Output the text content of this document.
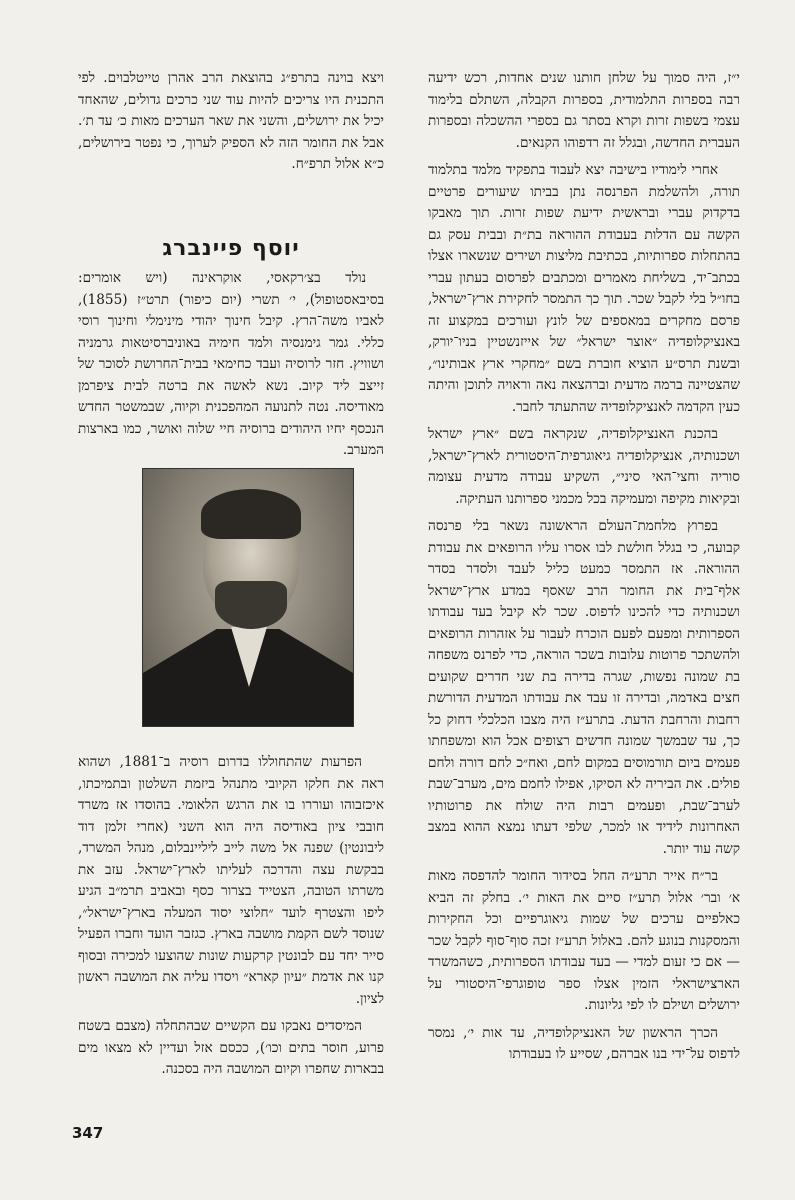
י״ז, היה סמוך על שלחן חותנו שנים אחדות, רכש ידיעה רבה בספרות התלמודית, בספרות הקבלה, השתלם בלימוד עצמי בשפות זרות וקרא בסתר גם בספרי ההשכלה ובספרות העברית החדשה, ובגלל זה רדפוהו הקנאים.

אחרי לימודיו בישיבה יצא לעבוד בתפקיד מלמד בתלמוד תורה, ולהשלמת הפרנסה נתן בביתו שיעורים פרטיים בדקדוק עברי ובראשית ידיעת שפות זרות. תוך מאבקו הקשה עם הדלות בעבודת ההוראה בת״ת ובבית עסק גם בהתחלות ספרותיות, בכתיבת מליצות ושירים שנשארו אצלו בכתב־יד, בשליחת מאמרים ומכתבים לפרסום בעתון עברי בחו״ל בלי לקבל שכר. תוך כך התמסר לחקירת ארץ־ישראל, פרסם מחקרים במאספים של לונץ ועורכים במקצוע זה באנציקלופדיה ״אוצר ישראל״ של אייזנשטיין בניו־יורק, ובשנת תרס״ע הוציא חוברת בשם ״מחקרי ארץ אבותינו״, שהצטיינה ברמה מדעית וברהצאה נאה וראויה לתוכן והיתה כעין הקדמה לאנציקלופדיה שהתעתד לחבר.

בהכנת האנציקלופדיה, שנקראה בשם ״ארץ ישראל ושכנותיה, אנציקלופדיה גיאוגרפית־היסטורית לארץ־ישראל, סוריה וחצי־האי סיני״, השקיע עבודה מדעית עצומה ובקיאות מקיפה ומעמיקה בכל מכמני ספרותנו העתיקה.

בפרוץ מלחמת־העולם הראשונה נשאר בלי פרנסה קבועה, כי בגלל חולשת לבו אסרו עליו הרופאים את עבודת ההוראה. אז התמסר כמעט כליל לעבד ולסדר בסדר אלף־בית את החומר הרב שאסף במדע ארץ־ישראל ושכנותיה כדי להכינו לדפוס. שכר לא קיבל בעד עבודתו הספרותית ומפעם לפעם הוכרח לעבור על אזהרות הרופאים ולהשתכר פרוטות עלובות בשכר הוראה, כדי לפרנס משפחה בת שמונה נפשות, שגרה בדירה בת שני חדרים שקועים חצים באדמה, ובדירה זו עבד את עבודתו המדעית הדורשת רחבות והרחבת הדעת. בתרע״ז היה מצבו הכלכלי דחוק כל כך, עד שבמשך שמונה חדשים רצופים אכל הוא ומשפחתו פעמים ביום תורמוסים במקום לחם, ואח״כ לחם דורה ולחם פולים. את הביריה לא הסיקו, אפילו לחמם מים, מערב־שבת לערב־שבת, ופעמים רבות היה שולח את פרוטותיו האחרונות לידיד או למכר, שלפי דעתו נמצא ההוא במצב קשה עוד יותר.

בר״ח אייר תרע״ה החל בסידור החומר להדפסה מאות א׳ ובר׳ אלול תרע״ז סיים את האות י׳. בחלק זה הביא כאלפיים ערכים של שמות גיאוגרפיים וכל החקירות והמסקנות בנוגע להם. באלול תרע״ז זכה סוף־סוף לקבל שכר — אם כי זעום למדי — בעד עבודתו הספרותית, כשהמשרד הארצישראלי הזמין אצלו ספר טופוגרפי־היסטורי על ירושלים ושילם לו לפי גליונות.

הכרך הראשון של האנציקלופדיה, עד אות י׳, נמסר לדפוס על־ידי בנו אברהם, שסייע לו בעבודתו

ויצא בוינה בתרפ״ג בהוצאת הרב אהרן טייטלבוים. לפי התכנית היו צריכים להיות עוד שני כרכים גדולים, שהאחד יכיל את ירושלים, והשני את שאר הערכים מאות כ׳ עד ת׳. אבל את החומר הזה לא הספיק לערוך, כי נפטר בירושלים, כ״א אלול תרפ״ח.

יוסף פיינברג

נולד בצ׳רקאסי, אוקראינה (ויש אומרים: בסיבאסטופול), י׳ תשרי (יום כיפור) תרט״ז (1855), לאביו משה־הרץ. קיבל חינוך יהודי מינימלי וחינוך רוסי כללי. גמר גימנסיה ולמד חימיה באוניברסיטאות גרמניה ושוויץ. חזר לרוסיה ועבד כחימאי בבית־החרושת לסוכר של זייצב ליד קיוב. נשא לאשה את ברטה לבית ציפרמן מאודיסה. נטה לתנועה המהפכנית וקיוה, שבמשטר החדש הנכסף יחיו היהודים ברוסיה חיי שלוה ואושר, כמו בארצות המערב.

הפרעות שהתחוללו בדרום רוסיה ב־1881, ושהוא ראה את חלקו הקיובי מתנהל ביזמת השלטון ובתמיכתו, איכזבוהו ועוררו בו את הרגש הלאומי. בהוסדו אז משרד חובבי ציון באודיסה היה הוא השני (אחרי זלמן דוד ליבונטין) שפנה אל משה לייב ליליינבלום, מנהל המשרד, בבקשת עצה והדרכה לעליתו לארץ־ישראל. עזב את משרתו הטובה, הצטייד בצרור כסף ובאביב תרמ״ב הגיע ליפו והצטרף לועד ״חלוצי יסוד המעלה בארץ־ישראל״, שנוסד לשם הקמת מושבה בארץ. כגזבר הועד וחברו הפעיל סייר יחד עם לבונטין קרקעות שונות שהוצעו למכירה ובסוף קנו את אדמת ״עיון קארא״ ויסדו עליה את המושבה ראשון לציון.

המיסדים נאבקו עם הקשיים שבהתחלה (מצבם בשטח פרוע, חוסר בתים וכו׳), ככסם אזל ועדיין לא מצאו מים בבארות שחפרו וקיום המושבה היה בסכנה.

347
